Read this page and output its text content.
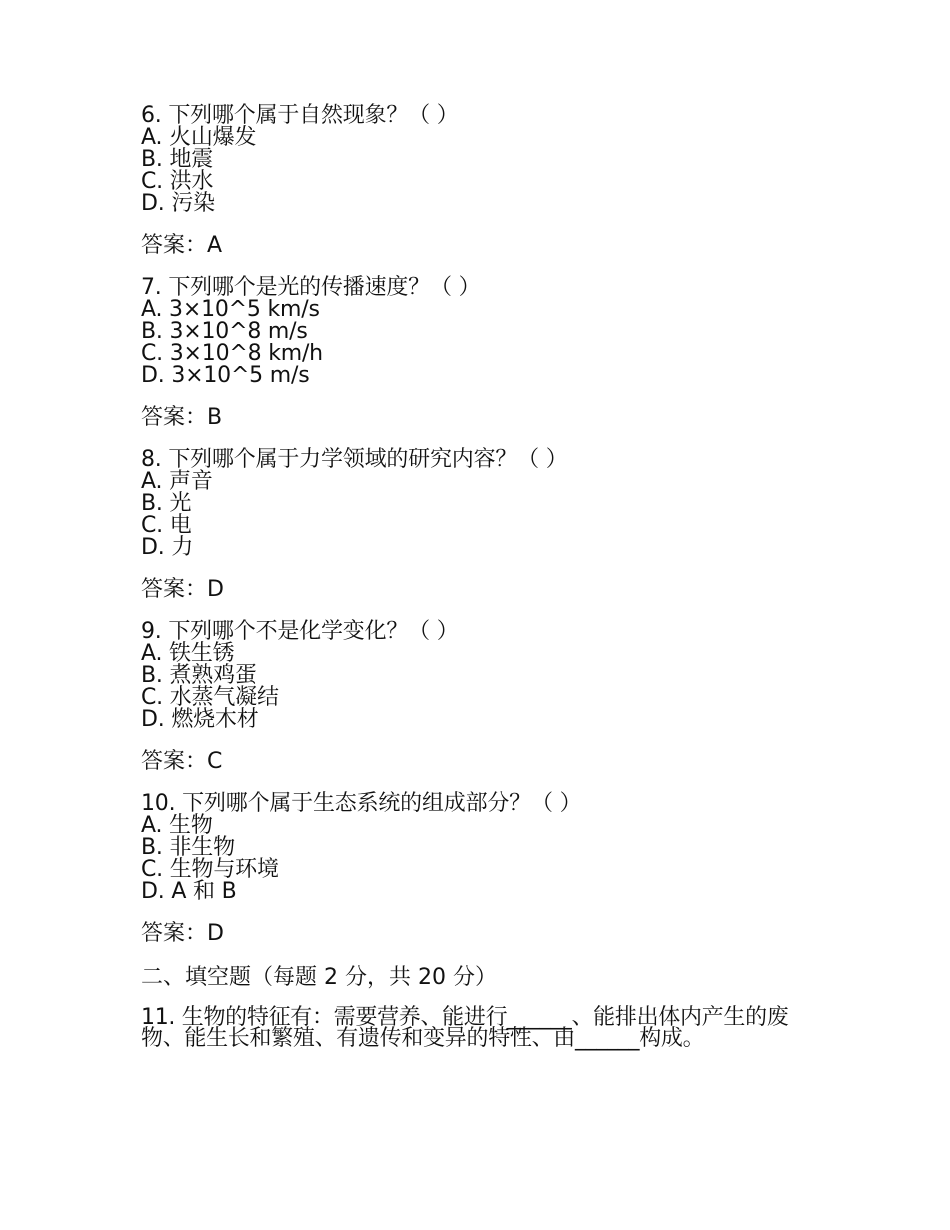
6. 下列哪个属于自然现象？（ ）
A. 火山爆发
B. 地震
C. 洪水
D. 污染
答案：A
7. 下列哪个是光的传播速度？（ ）
A. 3×10^5 km/s
B. 3×10^8 m/s
C. 3×10^8 km/h
D. 3×10^5 m/s
答案：B
8. 下列哪个属于力学领域的研究内容？（ ）
A. 声音
B. 光
C. 电
D. 力
答案：D
9. 下列哪个不是化学变化？（ ）
A. 铁生锈
B. 煮熟鸡蛋
C. 水蒸气凝结
D. 燃烧木材
答案：C
10. 下列哪个属于生态系统的组成部分？（ ）
A. 生物
B. 非生物
C. 生物与环境
D. A 和 B
答案：D
二、填空题（每题 2 分，共 20 分）
11. 生物的特征有：需要营养、能进行______、能排出体内产生的废物、能生长和繁殖、有遗传和变异的特性、由______构成。
